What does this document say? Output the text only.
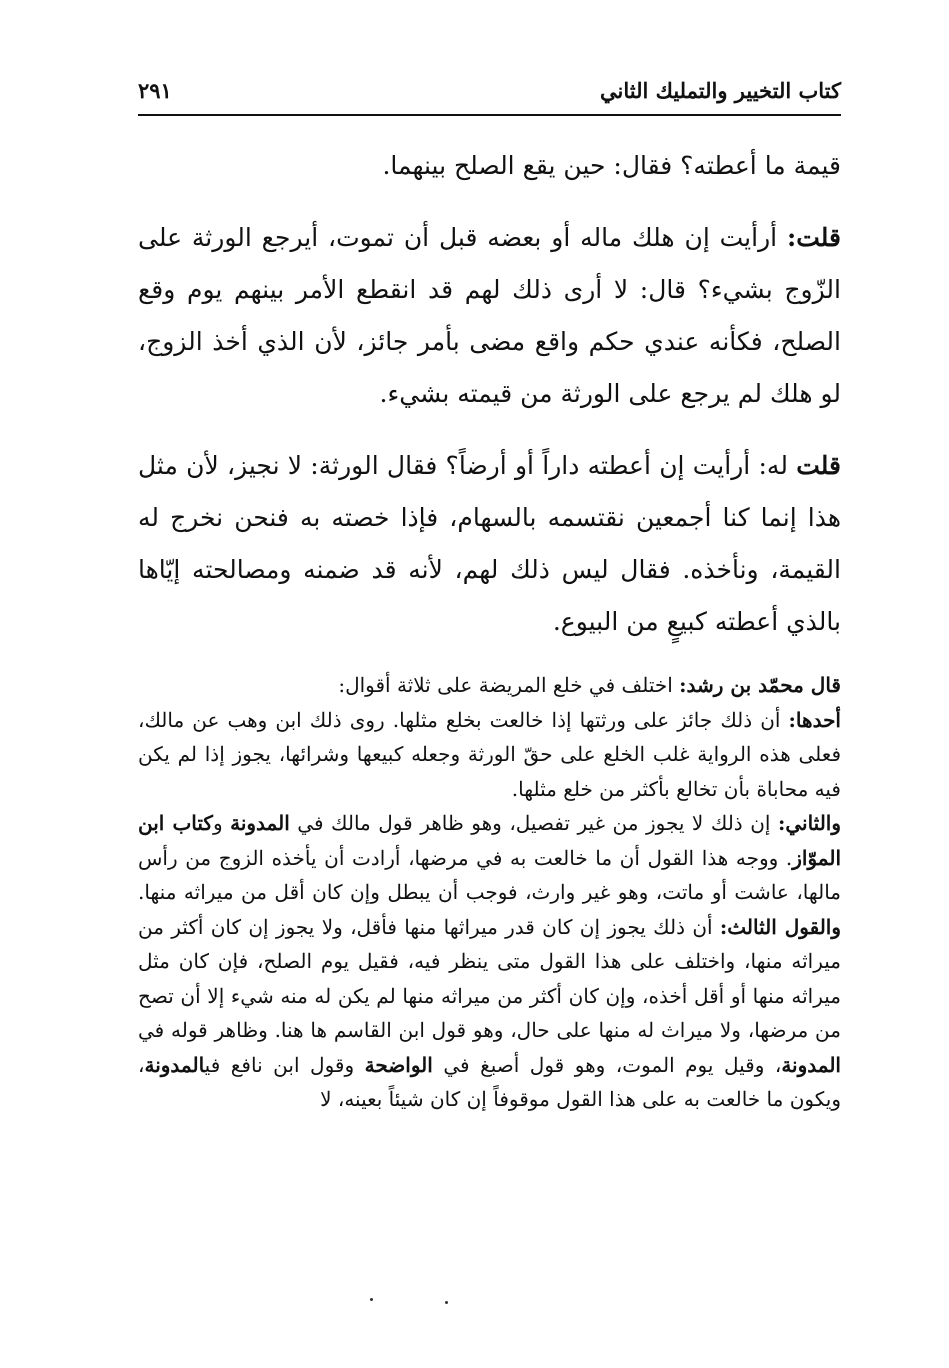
كتاب التخيير والتمليك الثاني
٢٩١

قيمة ما أعطته؟ فقال: حين يقع الصلح بينهما.

قلت: أرأيت إن هلك ماله أو بعضه قبل أن تموت، أيرجع الورثة على الزّوج بشيء؟ قال: لا أرى ذلك لهم قد انقطع الأمر بينهم يوم وقع الصلح، فكأنه عندي حكم واقع مضى بأمر جائز، لأن الذي أخذ الزوج، لو هلك لم يرجع على الورثة من قيمته بشيء.

قلت له: أرأيت إن أعطته داراً أو أرضاً؟ فقال الورثة: لا نجيز، لأن مثل هذا إنما كنا أجمعين نقتسمه بالسهام، فإذا خصته به فنحن نخرج له القيمة، ونأخذه. فقال ليس ذلك لهم، لأنه قد ضمنه ومصالحته إيّاها بالذي أعطته كبيعٍ من البيوع.

قال محمّد بن رشد: اختلف في خلع المريضة على ثلاثة أقوال:
أحدها: أن ذلك جائز على ورثتها إذا خالعت بخلع مثلها. روى ذلك ابن وهب عن مالك، فعلى هذه الرواية غلب الخلع على حقّ الورثة وجعله كبيعها وشرائها، يجوز إذا لم يكن فيه محاباة بأن تخالع بأكثر من خلع مثلها.
والثاني: إن ذلك لا يجوز من غير تفصيل، وهو ظاهر قول مالك في المدونة وكتاب ابن الموّاز. ووجه هذا القول أن ما خالعت به في مرضها، أرادت أن يأخذه الزوج من رأس مالها، عاشت أو ماتت، وهو غير وارث، فوجب أن يبطل وإن كان أقل من ميراثه منها. والقول الثالث: أن ذلك يجوز إن كان قدر ميراثها منها فأقل، ولا يجوز إن كان أكثر من ميراثه منها، واختلف على هذا القول متى ينظر فيه، فقيل يوم الصلح، فإن كان مثل ميراثه منها أو أقل أخذه، وإن كان أكثر من ميراثه منها لم يكن له منه شيء إلا أن تصح من مرضها، ولا ميراث له منها على حال، وهو قول ابن القاسم ها هنا. وظاهر قوله في المدونة، وقيل يوم الموت، وهو قول أصبغ في الواضحة وقول ابن نافع فيالمدونة، ويكون ما خالعت به على هذا القول موقوفاً إن كان شيئاً بعينه، لا
